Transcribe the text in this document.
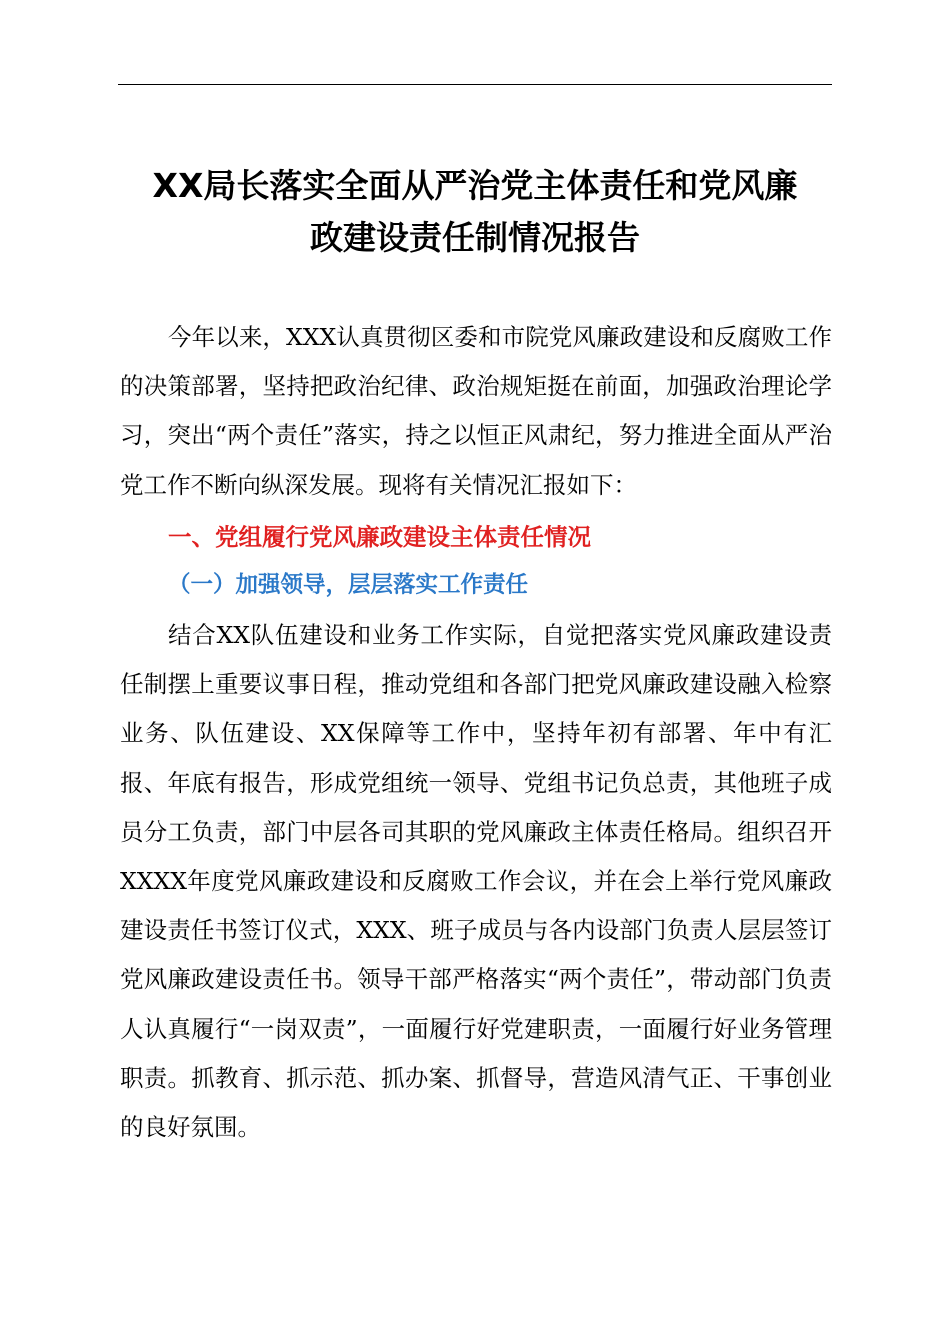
XX局长落实全面从严治党主体责任和党风廉
政建设责任制情况报告

今年以来，XXX认真贯彻区委和市院党风廉政建设和反腐败工作的决策部署，坚持把政治纪律、政治规矩挺在前面，加强政治理论学习，突出“两个责任”落实，持之以恒正风肃纪，努力推进全面从严治党工作不断向纵深发展。现将有关情况汇报如下：

一、党组履行党风廉政建设主体责任情况
（一）加强领导，层层落实工作责任

结合XX队伍建设和业务工作实际，自觉把落实党风廉政建设责任制摆上重要议事日程，推动党组和各部门把党风廉政建设融入检察业务、队伍建设、XX保障等工作中，坚持年初有部署、年中有汇报、年底有报告，形成党组统一领导、党组书记负总责，其他班子成员分工负责，部门中层各司其职的党风廉政主体责任格局。组织召开XXXX年度党风廉政建设和反腐败工作会议，并在会上举行党风廉政建设责任书签订仪式，XXX、班子成员与各内设部门负责人层层签订党风廉政建设责任书。领导干部严格落实“两个责任”，带动部门负责人认真履行“一岗双责”，一面履行好党建职责，一面履行好业务管理职责。抓教育、抓示范、抓办案、抓督导，营造风清气正、干事创业的良好氛围。
